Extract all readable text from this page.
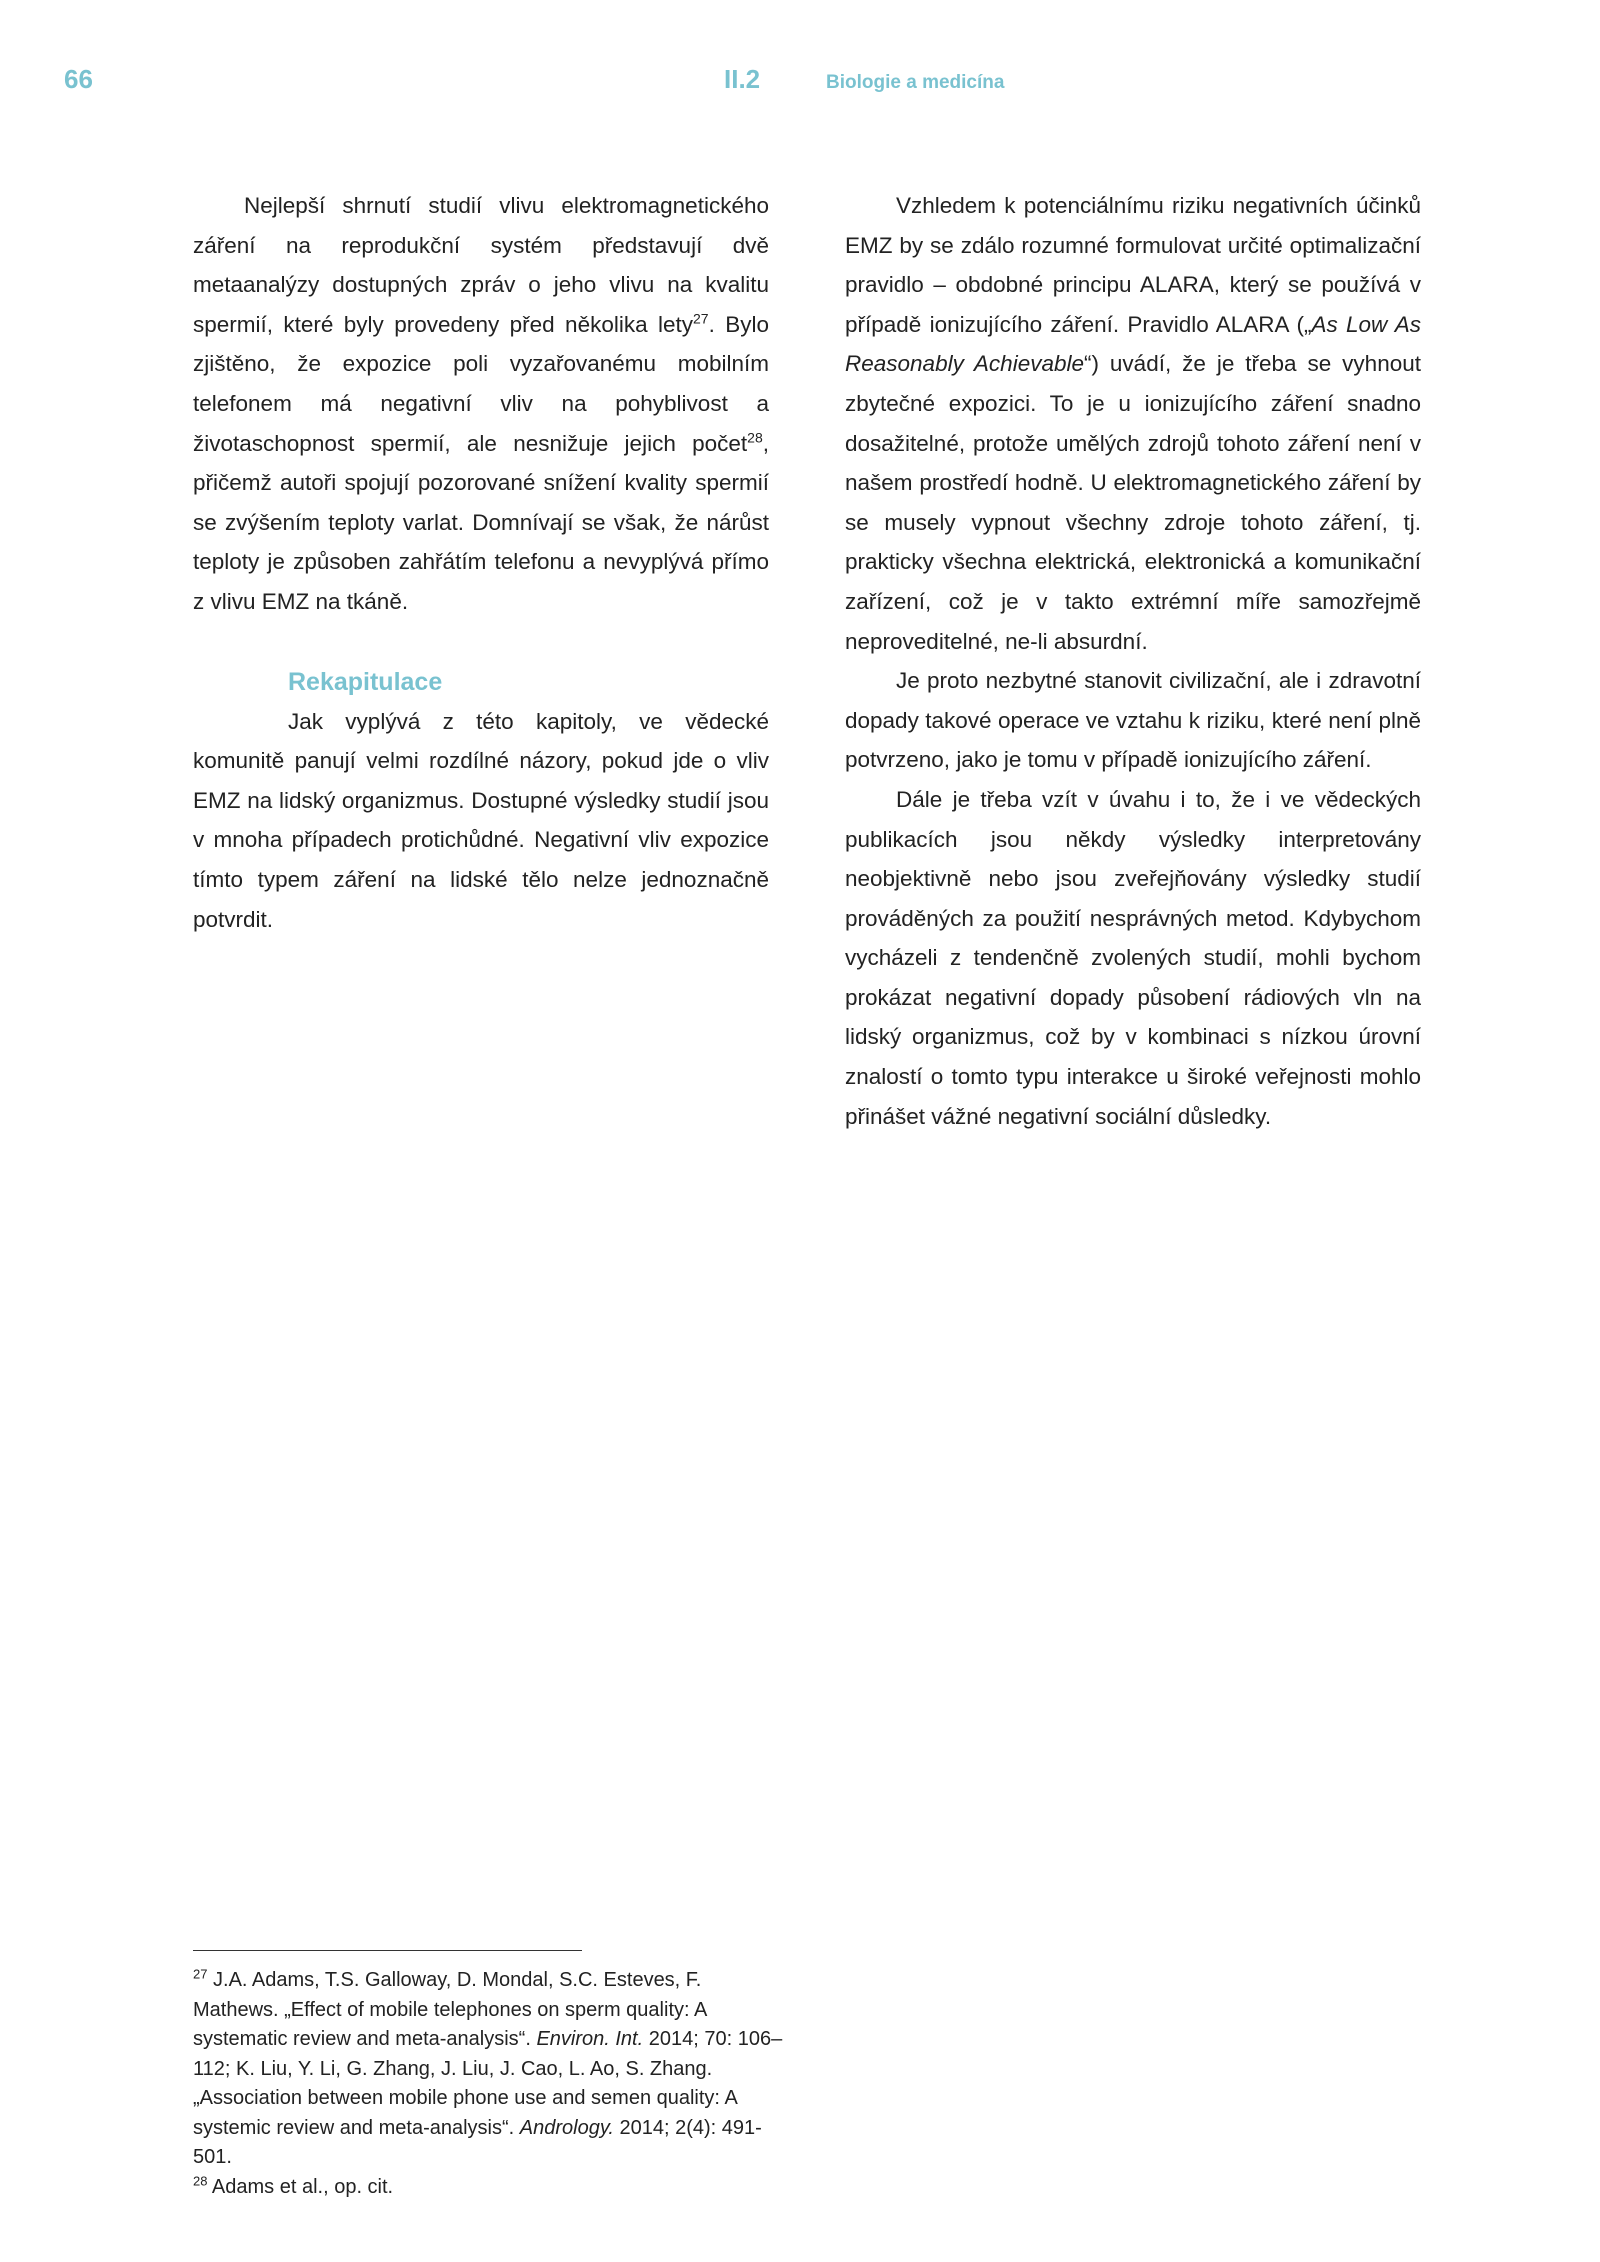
66	II.2	Biologie a medicína

Nejlepší shrnutí studií vlivu elektromagnetického záření na reprodukční systém představují dvě metaanalýzy dostupných zpráv o jeho vlivu na kvalitu spermií, které byly provedeny před několika lety$^{27}$. Bylo zjištěno, že expozice poli vyzařovanému mobilním telefonem má negativní vliv na pohyblivost a životaschopnost spermií, ale nesnižuje jejich počet$^{28}$, přičemž autoři spojují pozorované snížení kvality spermií se zvýšením teploty varlat. Domnívají se však, že nárůst teploty je způsoben zahřátím telefonu a nevyplývá přímo z vlivu EMZ na tkáně.

Rekapitulace

Jak vyplývá z této kapitoly, ve vědecké komunitě panují velmi rozdílné názory, pokud jde o vliv EMZ na lidský organizmus. Dostupné výsledky studií jsou v mnoha případech protichůdné. Negativní vliv expozice tímto typem záření na lidské tělo nelze jednoznačně potvrdit.

Vzhledem k potenciálnímu riziku negativních účinků EMZ by se zdálo rozumné formulovat určité optimalizační pravidlo – obdobné principu ALARA, který se používá v případě ionizujícího záření. Pravidlo ALARA („As Low As Reasonably Achievable“) uvádí, že je třeba se vyhnout zbytečné expozici. To je u ionizujícího záření snadno dosažitelné, protože umělých zdrojů tohoto záření není v našem prostředí hodně. U elektromagnetického záření by se musely vypnout všechny zdroje tohoto záření, tj. prakticky všechna elektrická, elektronická a komunikační zařízení, což je v takto extrémní míře samozřejmě neproveditelné, ne-li absurdní.

Je proto nezbytné stanovit civilizační, ale i zdravotní dopady takové operace ve vztahu k riziku, které není plně potvrzeno, jako je tomu v případě ionizujícího záření.

Dále je třeba vzít v úvahu i to, že i ve vědeckých publikacích jsou někdy výsledky interpretovány neobjektivně nebo jsou zveřejňovány výsledky studií prováděných za použití nesprávných metod. Kdybychom vycházeli z tendenčně zvolených studií, mohli bychom prokázat negativní dopady působení rádiových vln na lidský organizmus, což by v kombinaci s nízkou úrovní znalostí o tomto typu interakce u široké veřejnosti mohlo přinášet vážné negativní sociální důsledky.

$^{27}$ J.A. Adams, T.S. Galloway, D. Mondal, S.C. Esteves, F. Mathews. „Effect of mobile telephones on sperm quality: A systematic review and meta-analysis“. Environ. Int. 2014; 70: 106–112; K. Liu, Y. Li, G. Zhang, J. Liu, J. Cao, L. Ao, S. Zhang. „Association between mobile phone use and semen quality: A systemic review and meta-analysis“. Andrology. 2014; 2(4): 491-501.

$^{28}$ Adams et al., op. cit.
